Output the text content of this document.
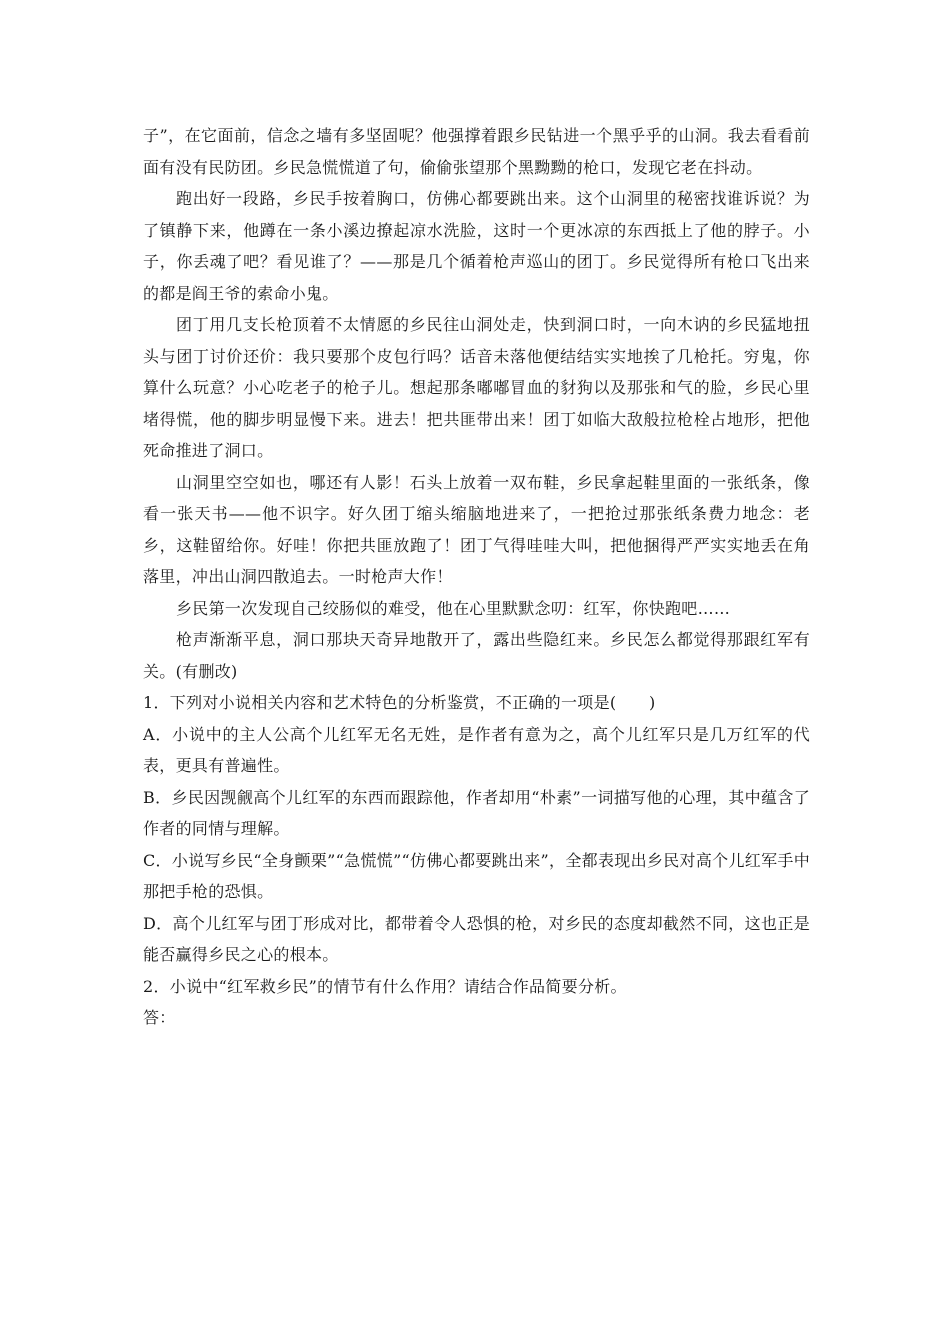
子”，在它面前，信念之墙有多坚固呢？他强撑着跟乡民钻进一个黑乎乎的山洞。我去看看前面有没有民防团。乡民急慌慌道了句，偷偷张望那个黑黝黝的枪口，发现它老在抖动。

跑出好一段路，乡民手按着胸口，仿佛心都要跳出来。这个山洞里的秘密找谁诉说？为了镇静下来，他蹲在一条小溪边撩起凉水洗脸，这时一个更冰凉的东西抵上了他的脖子。小子，你丢魂了吧？看见谁了？——那是几个循着枪声巡山的团丁。乡民觉得所有枪口飞出来的都是阎王爷的索命小鬼。

团丁用几支长枪顶着不太情愿的乡民往山洞处走，快到洞口时，一向木讷的乡民猛地扭头与团丁讨价还价：我只要那个皮包行吗？话音未落他便结结实实地挨了几枪托。穷鬼，你算什么玩意？小心吃老子的枪子儿。想起那条嘟嘟冒血的豺狗以及那张和气的脸，乡民心里堵得慌，他的脚步明显慢下来。进去！把共匪带出来！团丁如临大敌般拉枪栓占地形，把他死命推进了洞口。

山洞里空空如也，哪还有人影！石头上放着一双布鞋，乡民拿起鞋里面的一张纸条，像看一张天书——他不识字。好久团丁缩头缩脑地进来了，一把抢过那张纸条费力地念：老乡，这鞋留给你。好哇！你把共匪放跑了！团丁气得哇哇大叫，把他捆得严严实实地丢在角落里，冲出山洞四散追去。一时枪声大作！

乡民第一次发现自己绞肠似的难受，他在心里默默念叨：红军，你快跑吧……

枪声渐渐平息，洞口那块天奇异地散开了，露出些隐红来。乡民怎么都觉得那跟红军有关。(有删改)

1．下列对小说相关内容和艺术特色的分析鉴赏，不正确的一项是(　　)

A．小说中的主人公高个儿红军无名无姓，是作者有意为之，高个儿红军只是几万红军的代表，更具有普遍性。

B．乡民因觊觎高个儿红军的东西而跟踪他，作者却用“朴素”一词描写他的心理，其中蕴含了作者的同情与理解。

C．小说写乡民“全身颤栗”“急慌慌”“仿佛心都要跳出来”，全都表现出乡民对高个儿红军手中那把手枪的恐惧。

D．高个儿红军与团丁形成对比，都带着令人恐惧的枪，对乡民的态度却截然不同，这也正是能否赢得乡民之心的根本。

2．小说中“红军救乡民”的情节有什么作用？请结合作品简要分析。

答：
